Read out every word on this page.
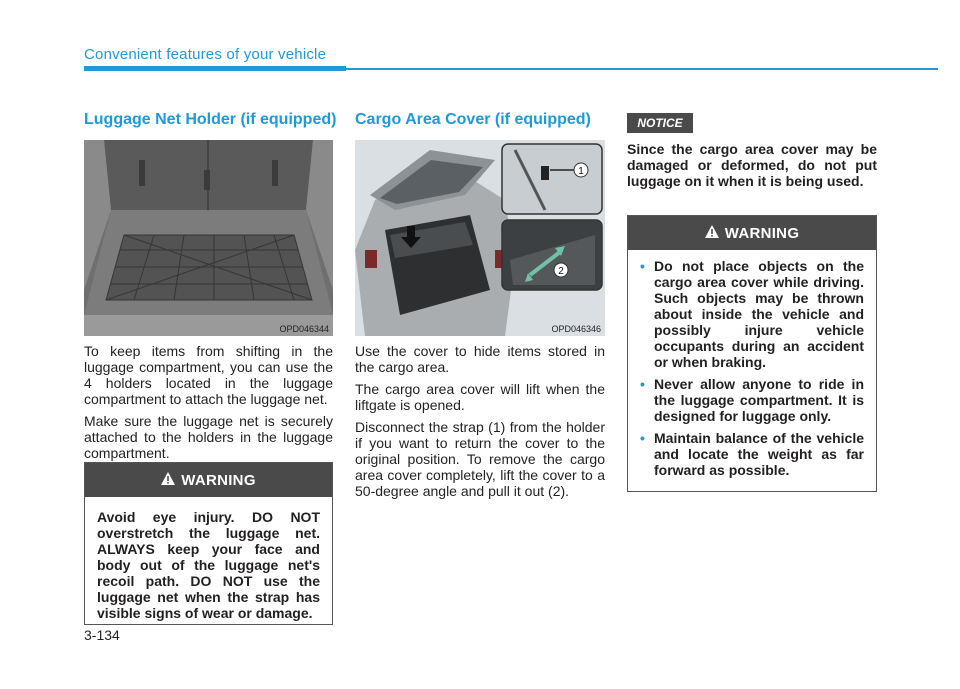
Convenient features of your vehicle
Luggage Net Holder (if equipped)
OPD046344

To keep items from shifting in the luggage compartment, you can use the 4 holders located in the luggage compartment to attach the luggage net.

Make sure the luggage net is securely attached to the holders in the luggage compartment.

WARNING
Avoid eye injury. DO NOT overstretch the luggage net. ALWAYS keep your face and body out of the luggage net's recoil path. DO NOT use the luggage net when the strap has visible signs of wear or damage.
Cargo Area Cover (if equipped)
1
2
OPD046346

Use the cover to hide items stored in the cargo area.

The cargo area cover will lift when the liftgate is opened.

Disconnect the strap (1) from the holder if you want to return the cover to the original position. To remove the cargo area cover completely, lift the cover to a 50-degree angle and pull it out (2).

NOTICE
Since the cargo area cover may be damaged or deformed, do not put luggage on it when it is being used.
WARNING
• Do not place objects on the cargo area cover while driving. Such objects may be thrown about inside the vehicle and possibly injure vehicle occupants during an accident or when braking.
• Never allow anyone to ride in the luggage compartment. It is designed for luggage only.
• Maintain balance of the vehicle and locate the weight as far forward as possible.
3-134
